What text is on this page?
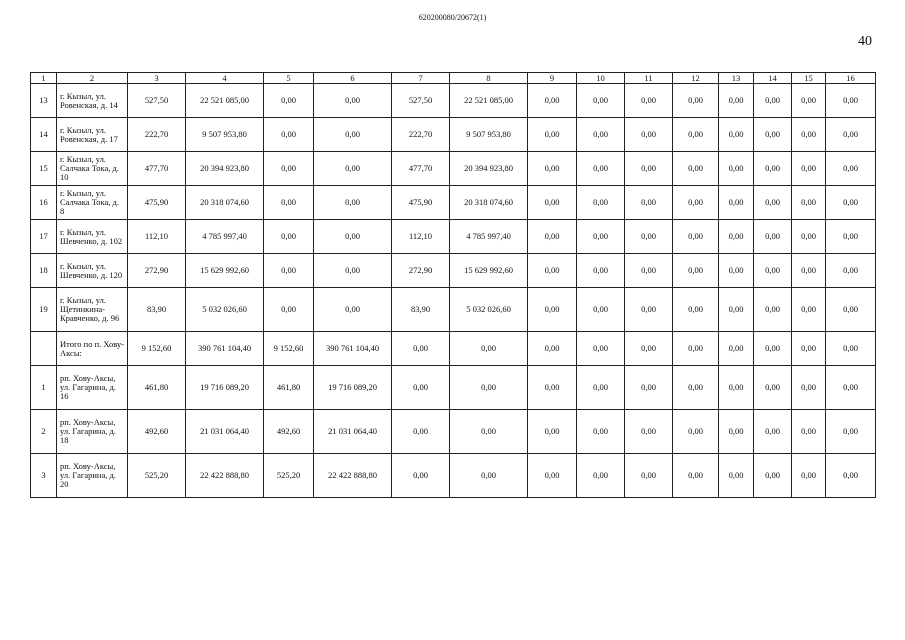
620200080/20672(1)
40
1	2	3	4	5	6	7	8	9	10	11	12	13	14	15	16
13	г. Кызыл, ул. Ровенская, д. 14	527,50	22 521 085,00	0,00	0,00	527,50	22 521 085,00	0,00	0,00	0,00	0,00	0,00	0,00	0,00	0,00
14	г. Кызыл, ул. Ровенская, д. 17	222,70	9 507 953,80	0,00	0,00	222,70	9 507 953,80	0,00	0,00	0,00	0,00	0,00	0,00	0,00	0,00
15	г. Кызыл, ул. Салчака Тока, д. 10	477,70	20 394 923,80	0,00	0,00	477,70	20 394 923,80	0,00	0,00	0,00	0,00	0,00	0,00	0,00	0,00
16	г. Кызыл, ул. Салчака Тока, д. 8	475,90	20 318 074,60	0,00	0,00	475,90	20 318 074,60	0,00	0,00	0,00	0,00	0,00	0,00	0,00	0,00
17	г. Кызыл, ул. Шевченко, д. 102	112,10	4 785 997,40	0,00	0,00	112,10	4 785 997,40	0,00	0,00	0,00	0,00	0,00	0,00	0,00	0,00
18	г. Кызыл, ул. Шевченко, д. 120	272,90	15 629 992,60	0,00	0,00	272,90	15 629 992,60	0,00	0,00	0,00	0,00	0,00	0,00	0,00	0,00
19	г. Кызыл, ул. Щетинкина-Кравченко, д. 96	83,90	5 032 026,60	0,00	0,00	83,90	5 032 026,60	0,00	0,00	0,00	0,00	0,00	0,00	0,00	0,00
	Итого по п. Хову-Аксы:	9 152,60	390 761 104,40	9 152,60	390 761 104,40	0,00	0,00	0,00	0,00	0,00	0,00	0,00	0,00	0,00	0,00
1	рп. Хову-Аксы, ул. Гагарина, д. 16	461,80	19 716 089,20	461,80	19 716 089,20	0,00	0,00	0,00	0,00	0,00	0,00	0,00	0,00	0,00	0,00
2	рп. Хову-Аксы, ул. Гагарина, д. 18	492,60	21 031 064,40	492,60	21 031 064,40	0,00	0,00	0,00	0,00	0,00	0,00	0,00	0,00	0,00	0,00
3	рп. Хову-Аксы, ул. Гагарина, д. 20	525,20	22 422 888,80	525,20	22 422 888,80	0,00	0,00	0,00	0,00	0,00	0,00	0,00	0,00	0,00	0,00
